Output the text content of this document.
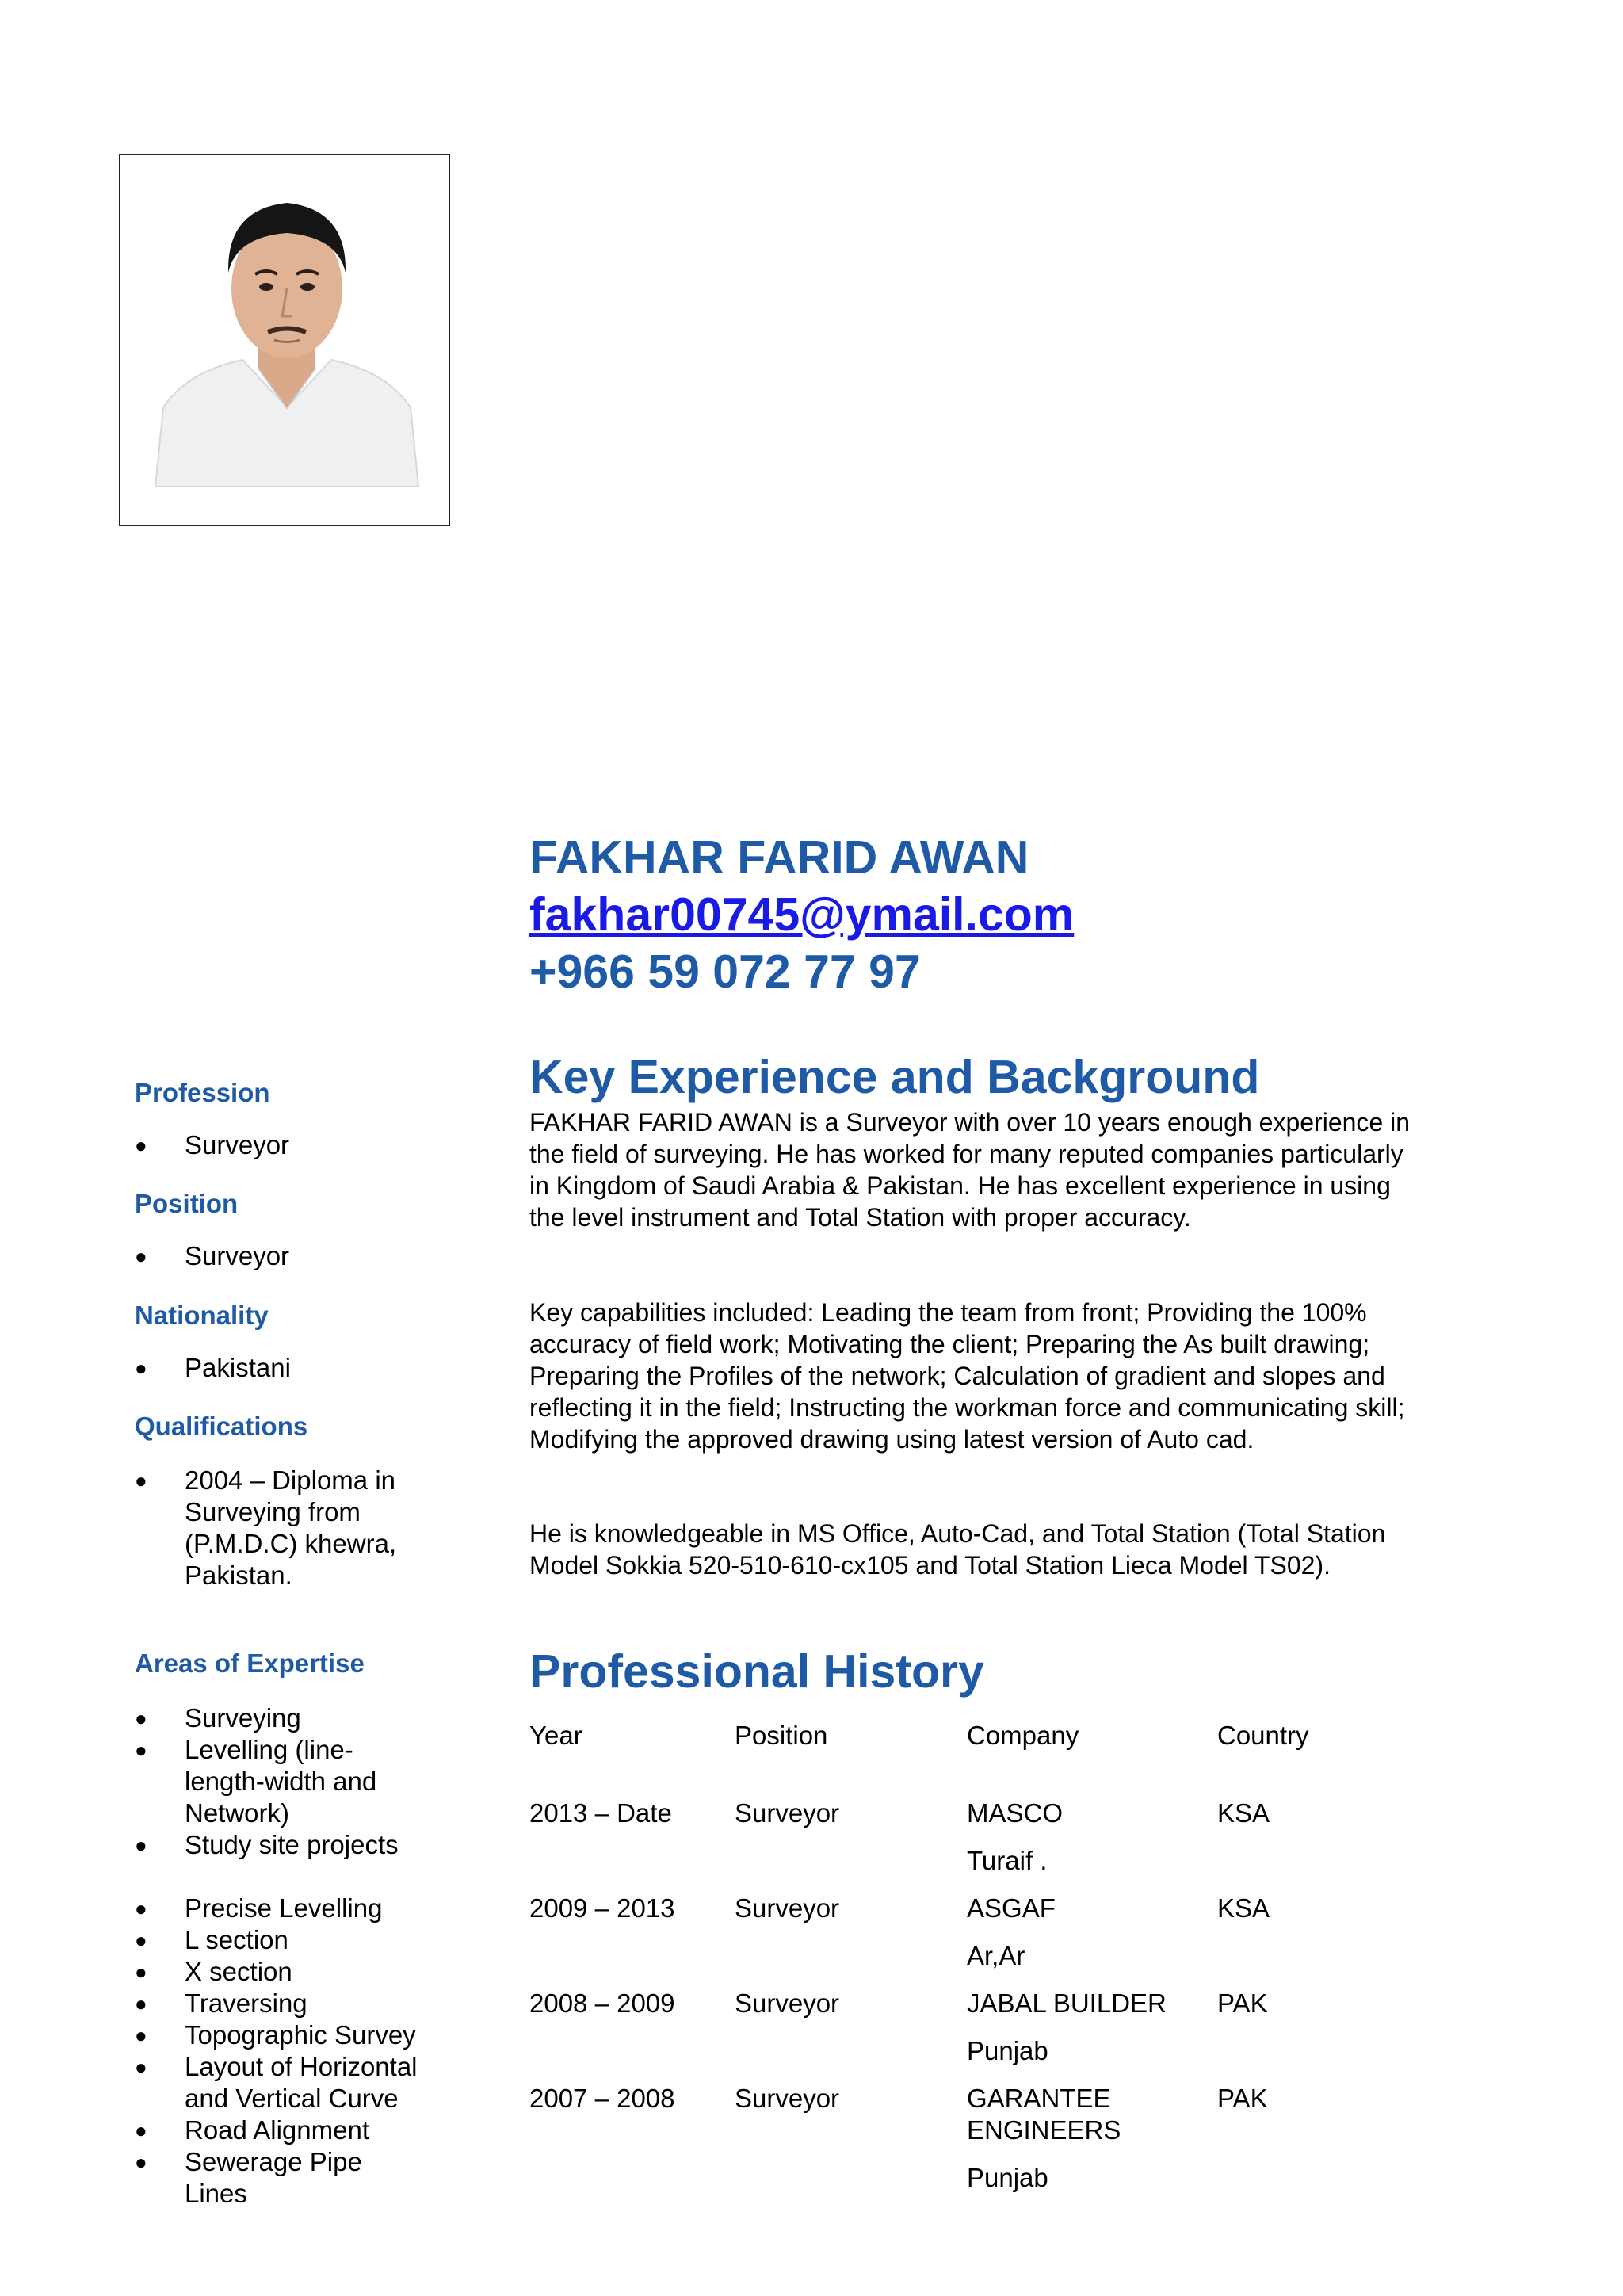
Profession
● Surveyor
Position
● Surveyor
Nationality
● Pakistani
Qualifications
● 2004 – Diploma in Surveying from (P.M.D.C) khewra, Pakistan.
Areas of Expertise
● Surveying
● Levelling (line-length-width and Network)
● Study site projects
● Precise Levelling
● L section
● X section
● Traversing
● Topographic Survey
● Layout of Horizontal and Vertical Curve
● Road Alignment
● Sewerage Pipe Lines
FAKHAR FARID AWAN
fakhar00745@ymail.com
+966 59 072 77 97
Key Experience and Background
FAKHAR FARID AWAN is a Surveyor with over 10 years enough experience in the field of surveying. He has worked for many reputed companies particularly in Kingdom of Saudi Arabia & Pakistan. He has excellent experience in using the level instrument and Total Station with proper accuracy.
Key capabilities included: Leading the team from front; Providing the 100% accuracy of field work; Motivating the client; Preparing the As built drawing; Preparing the Profiles of the network; Calculation of gradient and slopes and reflecting it in the field; Instructing the workman force and communicating skill; Modifying the approved drawing using latest version of Auto cad.
He is knowledgeable in MS Office, Auto-Cad, and Total Station (Total Station Model Sokkia 520-510-610-cx105 and Total Station Lieca Model TS02).
Professional History
Year	Position	Company	Country
2013 – Date Surveyor	MASCO	KSA
Turaif .
2009 – 2013 Surveyor	ASGAF	KSA
Ar,Ar
2008 – 2009 Surveyor	JABAL BUILDER PAK
Punjab
2007 – 2008 Surveyor	GARANTEE ENGINEERS
PAK
Punjab
